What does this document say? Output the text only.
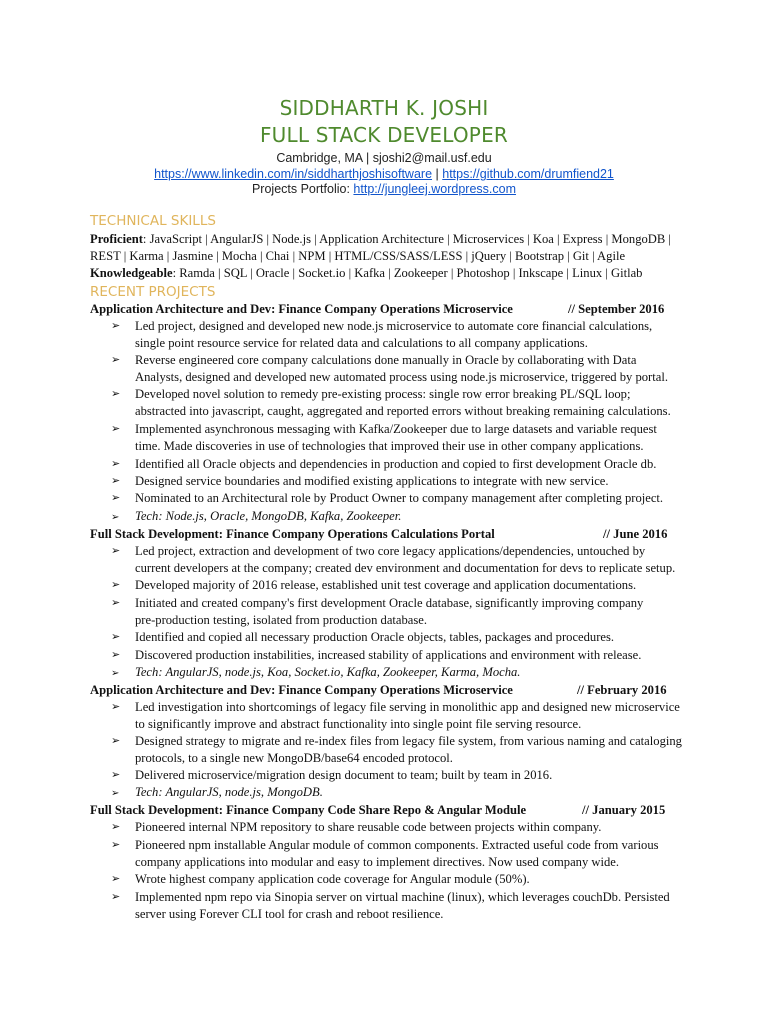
SIDDHARTH K. JOSHI
FULL STACK DEVELOPER
Cambridge, MA | sjoshi2@mail.usf.edu
https://www.linkedin.com/in/siddharthjoshisoftware | https://github.com/drumfiend21
Projects Portfolio: http://jungleej.wordpress.com
TECHNICAL SKILLS
Proficient: JavaScript | AngularJS | Node.js | Application Architecture | Microservices | Koa | Express | MongoDB |
REST | Karma | Jasmine | Mocha | Chai | NPM | HTML/CSS/SASS/LESS | jQuery | Bootstrap | Git | Agile
Knowledgeable: Ramda | SQL | Oracle | Socket.io | Kafka | Zookeeper | Photoshop | Inkscape | Linux | Gitlab
RECENT PROJECTS
Application Architecture and Dev: Finance Company Operations Microservice	// September 2016
➢ Led project, designed and developed new node.js microservice to automate core financial calculations,
single point resource service for related data and calculations to all company applications.
➢ Reverse engineered core company calculations done manually in Oracle by collaborating with Data
Analysts, designed and developed new automated process using node.js microservice, triggered by portal.
➢ Developed novel solution to remedy pre-existing process: single row error breaking PL/SQL loop;
abstracted into javascript, caught, aggregated and reported errors without breaking remaining calculations.
➢ Implemented asynchronous messaging with Kafka/Zookeeper due to large datasets and variable request
time. Made discoveries in use of technologies that improved their use in other company applications.
➢ Identified all Oracle objects and dependencies in production and copied to first development Oracle db.
➢ Designed service boundaries and modified existing applications to integrate with new service.
➢ Nominated to an Architectural role by Product Owner to company management after completing project.
➢ Tech: Node.js, Oracle, MongoDB, Kafka, Zookeeper.
Full Stack Development: Finance Company Operations Calculations Portal	// June 2016
➢ Led project, extraction and development of two core legacy applications/dependencies, untouched by
current developers at the company; created dev environment and documentation for devs to replicate setup.
➢ Developed majority of 2016 release, established unit test coverage and application documentations.
➢ Initiated and created company's first development Oracle database, significantly improving company
pre-production testing, isolated from production database.
➢ Identified and copied all necessary production Oracle objects, tables, packages and procedures.
➢ Discovered production instabilities, increased stability of applications and environment with release.
➢ Tech: AngularJS, node.js, Koa, Socket.io, Kafka, Zookeeper, Karma, Mocha.
Application Architecture and Dev: Finance Company Operations Microservice	// February 2016
➢ Led investigation into shortcomings of legacy file serving in monolithic app and designed new microservice
to significantly improve and abstract functionality into single point file serving resource.
➢ Designed strategy to migrate and re-index files from legacy file system, from various naming and cataloging
protocols, to a single new MongoDB/base64 encoded protocol.
➢ Delivered microservice/migration design document to team; built by team in 2016.
➢ Tech: AngularJS, node.js, MongoDB.
Full Stack Development: Finance Company Code Share Repo & Angular Module	// January 2015
➢ Pioneered internal NPM repository to share reusable code between projects within company.
➢ Pioneered npm installable Angular module of common components. Extracted useful code from various
company applications into modular and easy to implement directives. Now used company wide.
➢ Wrote highest company application code coverage for Angular module (50%).
➢ Implemented npm repo via Sinopia server on virtual machine (linux), which leverages couchDb. Persisted
server using Forever CLI tool for crash and reboot resilience.
